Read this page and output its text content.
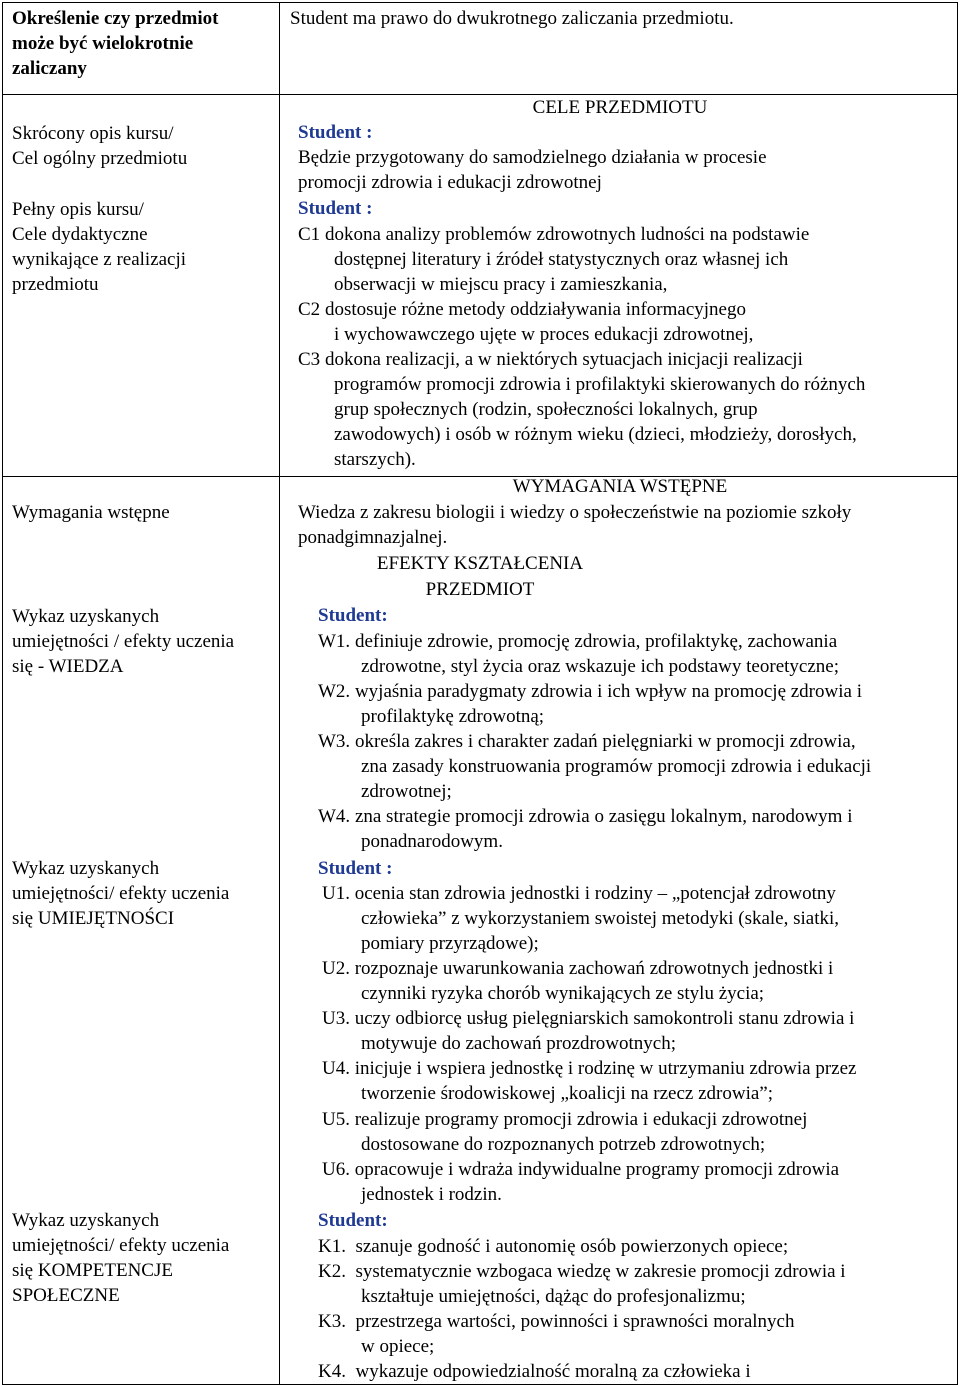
Określenie czy przedmiot
może być wielokrotnie
zaliczany
Skrócony opis kursu/
Cel ogólny przedmiotu
Pełny opis kursu/
Cele dydaktyczne
wynikające z realizacji
przedmiotu
Wymagania wstępne
Wykaz uzyskanych
umiejętności / efekty uczenia
się - WIEDZA
Wykaz uzyskanych
umiejętności/ efekty uczenia
się UMIEJĘTNOŚCI
Wykaz uzyskanych
umiejętności/ efekty uczenia
się KOMPETENCJE
SPOŁECZNE
Student ma prawo do dwukrotnego zaliczania przedmiotu.
CELE PRZEDMIOTU
Student :
Będzie przygotowany do samodzielnego działania w procesie
promocji zdrowia i edukacji zdrowotnej
Student :
C1 dokona analizy problemów zdrowotnych ludności na podstawie
dostępnej literatury i źródeł statystycznych oraz własnej ich
obserwacji w miejscu pracy i zamieszkania,
C2 dostosuje różne metody oddziaływania informacyjnego
i wychowawczego ujęte w proces edukacji zdrowotnej,
C3 dokona realizacji, a w niektórych sytuacjach inicjacji realizacji
programów promocji zdrowia i profilaktyki skierowanych do różnych
grup społecznych (rodzin, społeczności lokalnych, grup
zawodowych) i osób w różnym wieku (dzieci, młodzieży, dorosłych,
starszych).
WYMAGANIA WSTĘPNE
Wiedza z zakresu biologii i wiedzy o społeczeństwie na poziomie szkoły
ponadgimnazjalnej.
EFEKTY KSZTAŁCENIA
PRZEDMIOT
Student:
W1. definiuje zdrowie, promocję zdrowia, profilaktykę, zachowania
zdrowotne, styl życia oraz wskazuje ich podstawy teoretyczne;
W2. wyjaśnia paradygmaty zdrowia i ich wpływ na promocję zdrowia i
profilaktykę zdrowotną;
W3. określa zakres i charakter zadań pielęgniarki w promocji zdrowia,
zna zasady konstruowania programów promocji zdrowia i edukacji
zdrowotnej;
W4. zna strategie promocji zdrowia o zasięgu lokalnym, narodowym i
ponadnarodowym.
Student :
U1. ocenia stan zdrowia jednostki i rodziny – „potencjał zdrowotny
człowieka” z wykorzystaniem swoistej metodyki (skale, siatki,
pomiary przyrządowe);
U2. rozpoznaje uwarunkowania zachowań zdrowotnych jednostki i
czynniki ryzyka chorób wynikających ze stylu życia;
U3. uczy odbiorcę usług pielęgniarskich samokontroli stanu zdrowia i
motywuje do zachowań prozdrowotnych;
U4. inicjuje i wspiera jednostkę i rodzinę w utrzymaniu zdrowia przez
tworzenie środowiskowej „koalicji na rzecz zdrowia”;
U5. realizuje programy promocji zdrowia i edukacji zdrowotnej
dostosowane do rozpoznanych potrzeb zdrowotnych;
U6. opracowuje i wdraża indywidualne programy promocji zdrowia
jednostek i rodzin.
Student:
K1. szanuje godność i autonomię osób powierzonych opiece;
K2. systematycznie wzbogaca wiedzę w zakresie promocji zdrowia i
kształtuje umiejętności, dążąc do profesjonalizmu;
K3. przestrzega wartości, powinności i sprawności moralnych
w opiece;
K4. wykazuje odpowiedzialność moralną za człowieka i
